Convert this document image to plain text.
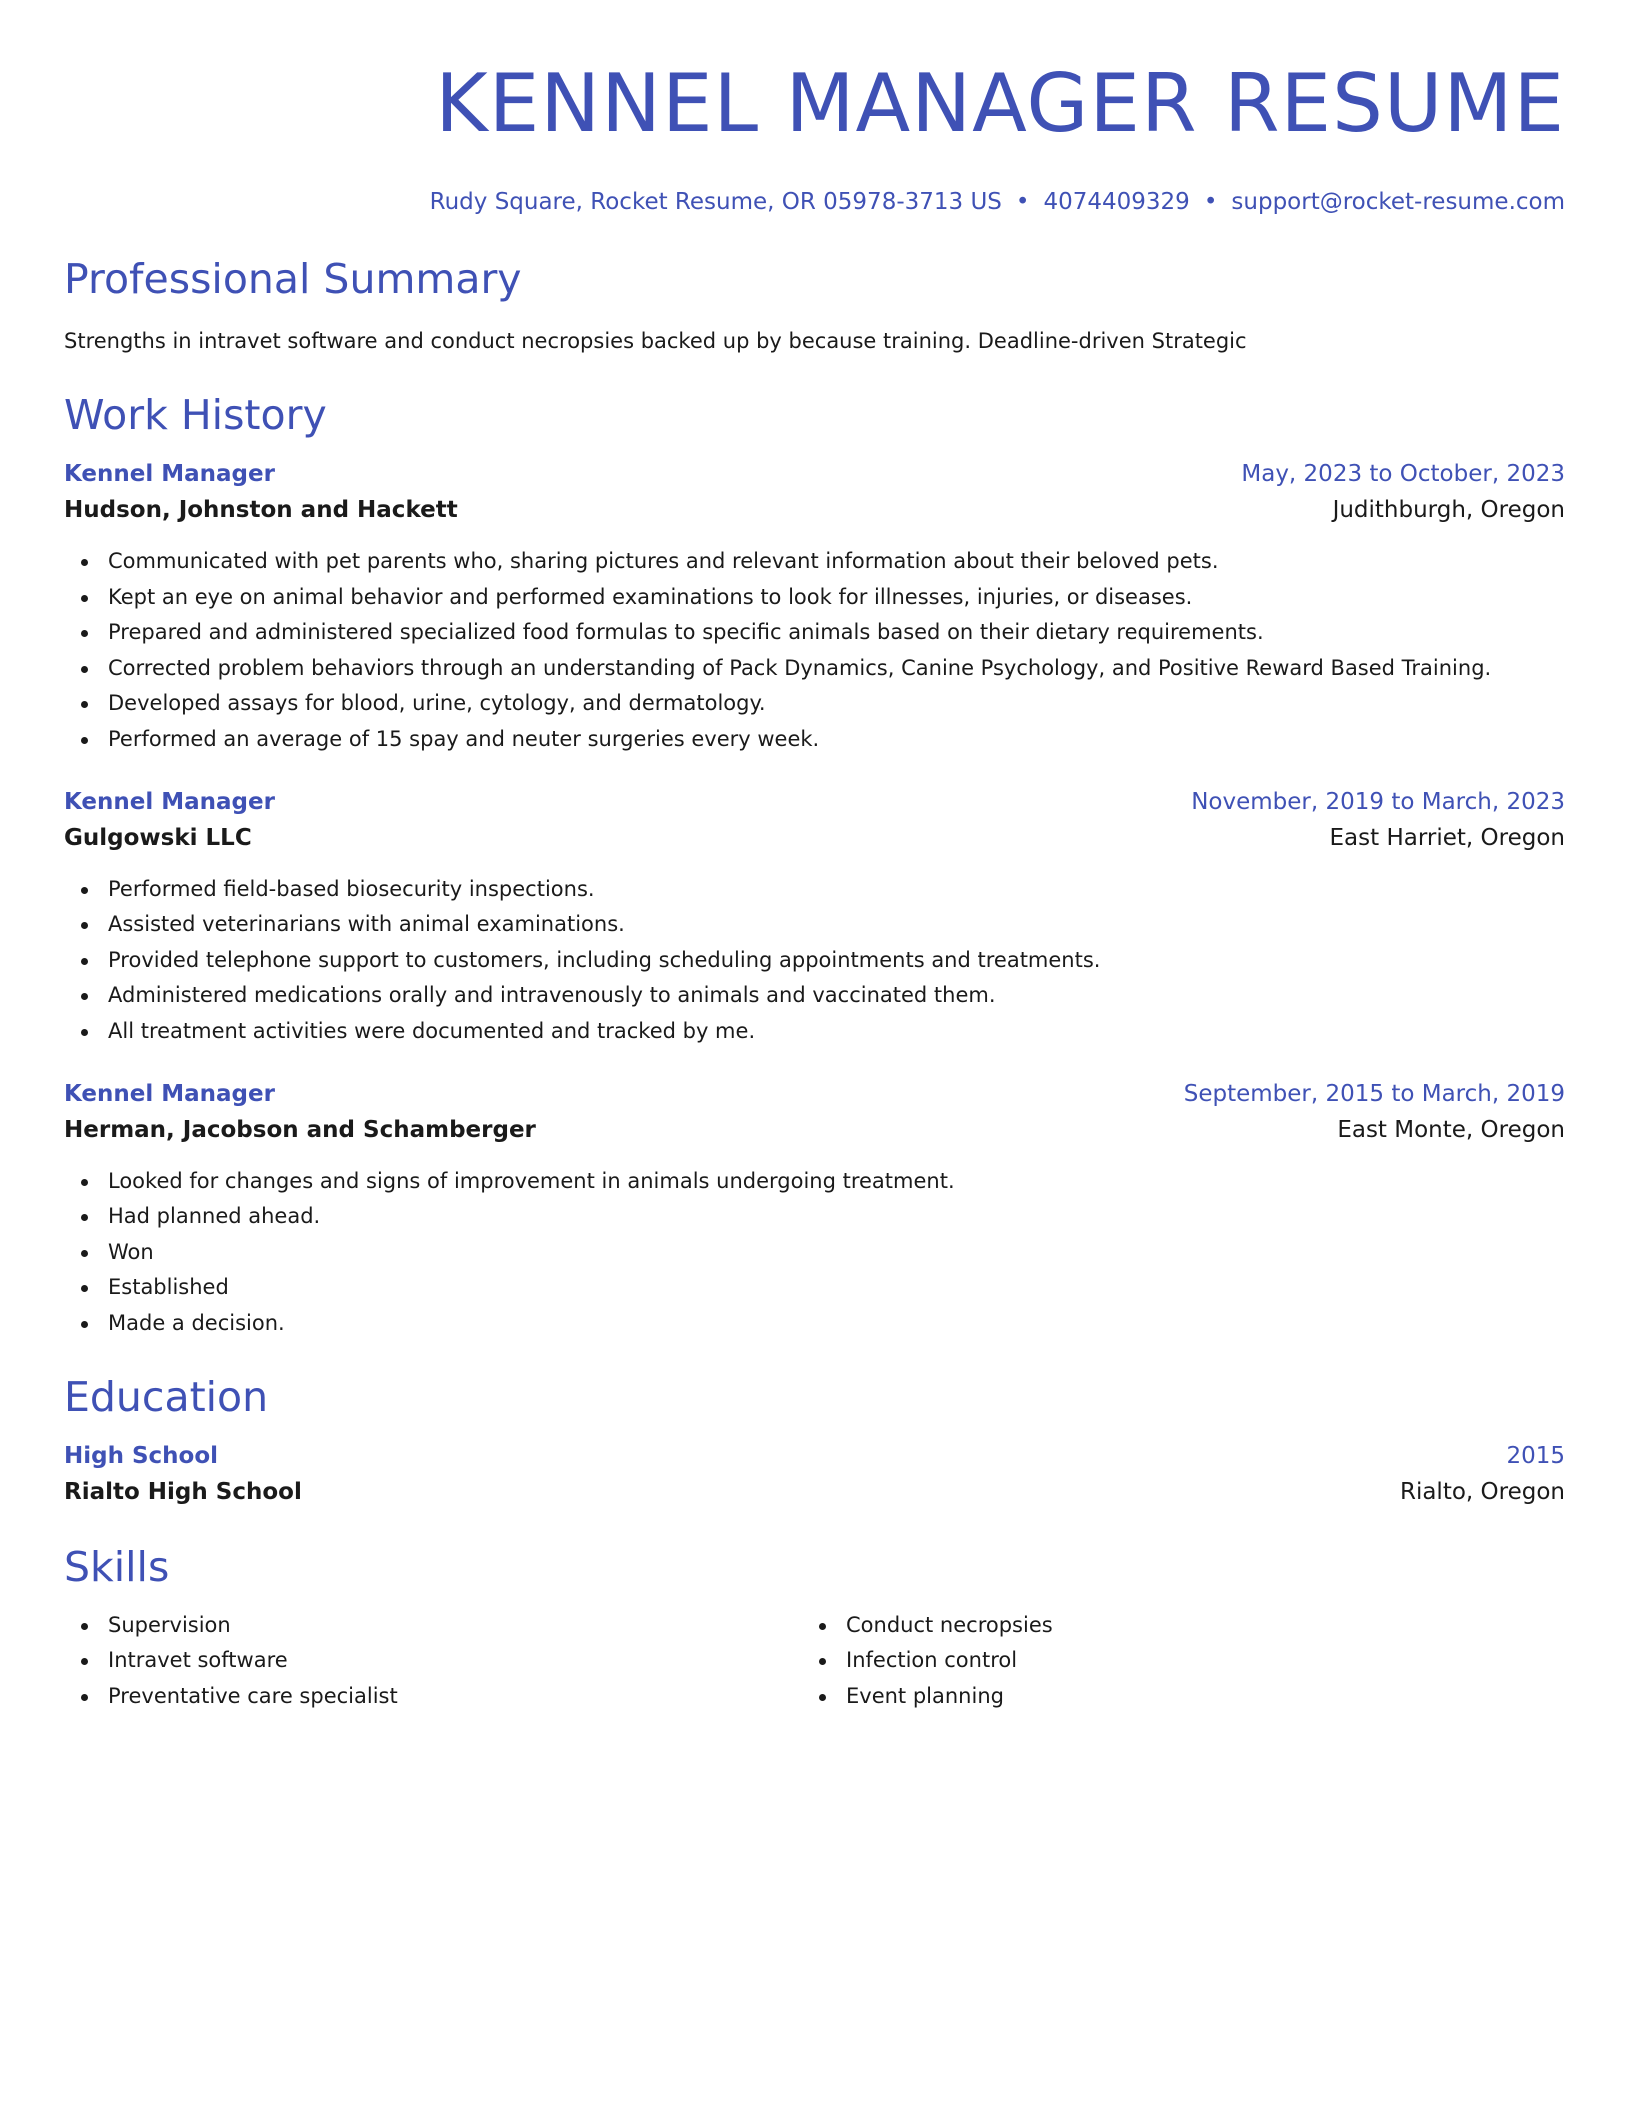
KENNEL MANAGER RESUME
Rudy Square, Rocket Resume, OR 05978-3713 US • 4074409329 • support@rocket-resume.com
Professional Summary
Strengths in intravet software and conduct necropsies backed up by because training. Deadline-driven Strategic
Work History
Kennel Manager	May, 2023 to October, 2023
Hudson, Johnston and Hackett	Judithburgh, Oregon
Communicated with pet parents who, sharing pictures and relevant information about their beloved pets.
Kept an eye on animal behavior and performed examinations to look for illnesses, injuries, or diseases.
Prepared and administered specialized food formulas to specific animals based on their dietary requirements.
Corrected problem behaviors through an understanding of Pack Dynamics, Canine Psychology, and Positive Reward Based Training.
Developed assays for blood, urine, cytology, and dermatology.
Performed an average of 15 spay and neuter surgeries every week.
Kennel Manager	November, 2019 to March, 2023
Gulgowski LLC	East Harriet, Oregon
Performed field-based biosecurity inspections.
Assisted veterinarians with animal examinations.
Provided telephone support to customers, including scheduling appointments and treatments.
Administered medications orally and intravenously to animals and vaccinated them.
All treatment activities were documented and tracked by me.
Kennel Manager	September, 2015 to March, 2019
Herman, Jacobson and Schamberger	East Monte, Oregon
Looked for changes and signs of improvement in animals undergoing treatment.
Had planned ahead.
Won
Established
Made a decision.
Education
High School	2015
Rialto High School	Rialto, Oregon
Skills
Supervision
Intravet software
Preventative care specialist
Conduct necropsies
Infection control
Event planning
